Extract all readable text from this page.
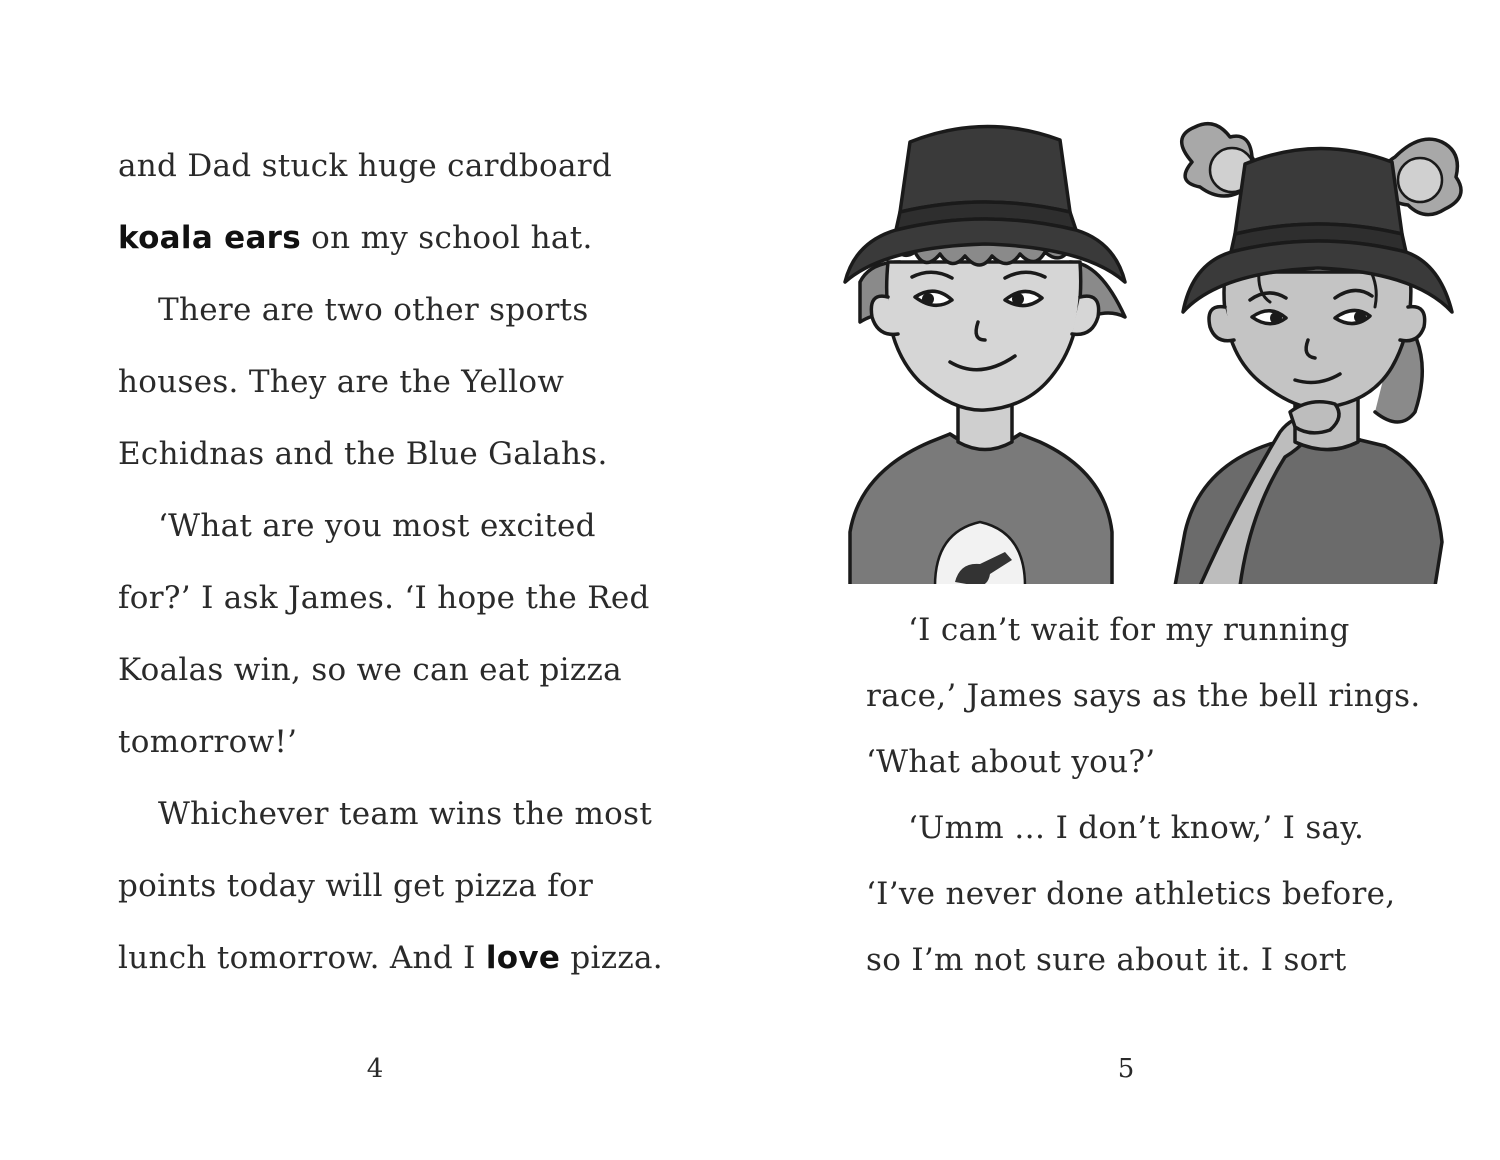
and Dad stuck huge cardboard

koala ears on my school hat.

There are two other sports

houses. They are the Yellow

Echidnas and the Blue Galahs.

‘What are you most excited

for?’ I ask James. ‘I hope the Red

Koalas win, so we can eat pizza

tomorrow!’

Whichever team wins the most

points today will get pizza for

lunch tomorrow. And I love pizza.

4

‘I can’t wait for my running

race,’ James says as the bell rings.

‘What about you?’

‘Umm … I don’t know,’ I say.

‘I’ve never done athletics before,

so I’m not sure about it. I sort

5
